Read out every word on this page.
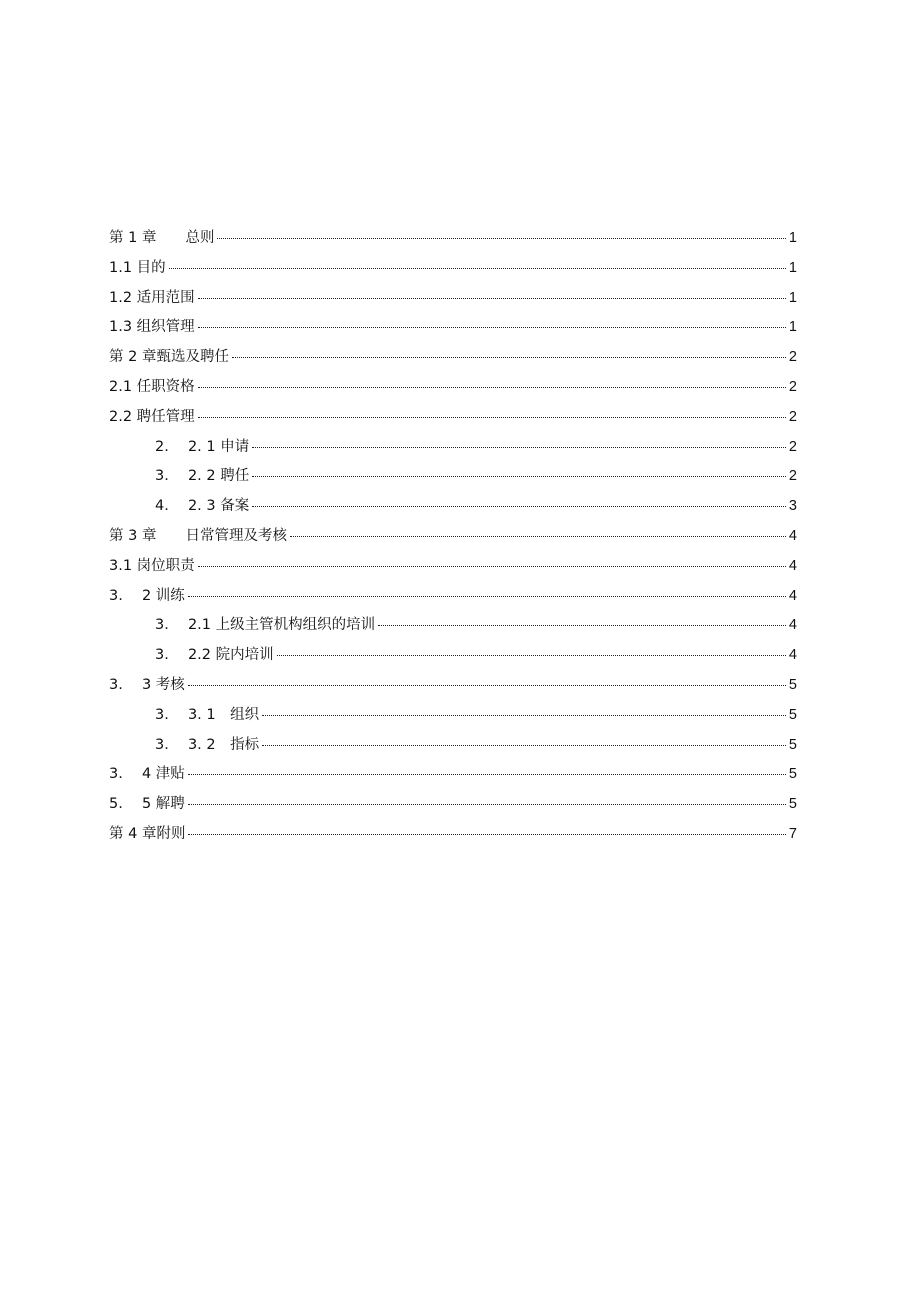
第 1 章　　总则	1
1.1 目的	1
1.2 适用范围	1
1.3 组织管理	1
第 2 章甄选及聘任	2
2.1 任职资格	2
2.2 聘任管理	2
2.　 2. 1 申请	2
3.　 2. 2 聘任	2
4.　 2. 3 备案	3
第 3 章　　日常管理及考核	4
3.1 岗位职责	4
3.　 2 训练	4
3.　 2.1 上级主管机构组织的培训	4
3.　 2.2 院内培训	4
3.　 3 考核	5
3.　 3. 1　组织	5
3.　 3. 2　指标	5
3.　 4 津贴	5
5.　 5 解聘	5
第 4 章附则	7
